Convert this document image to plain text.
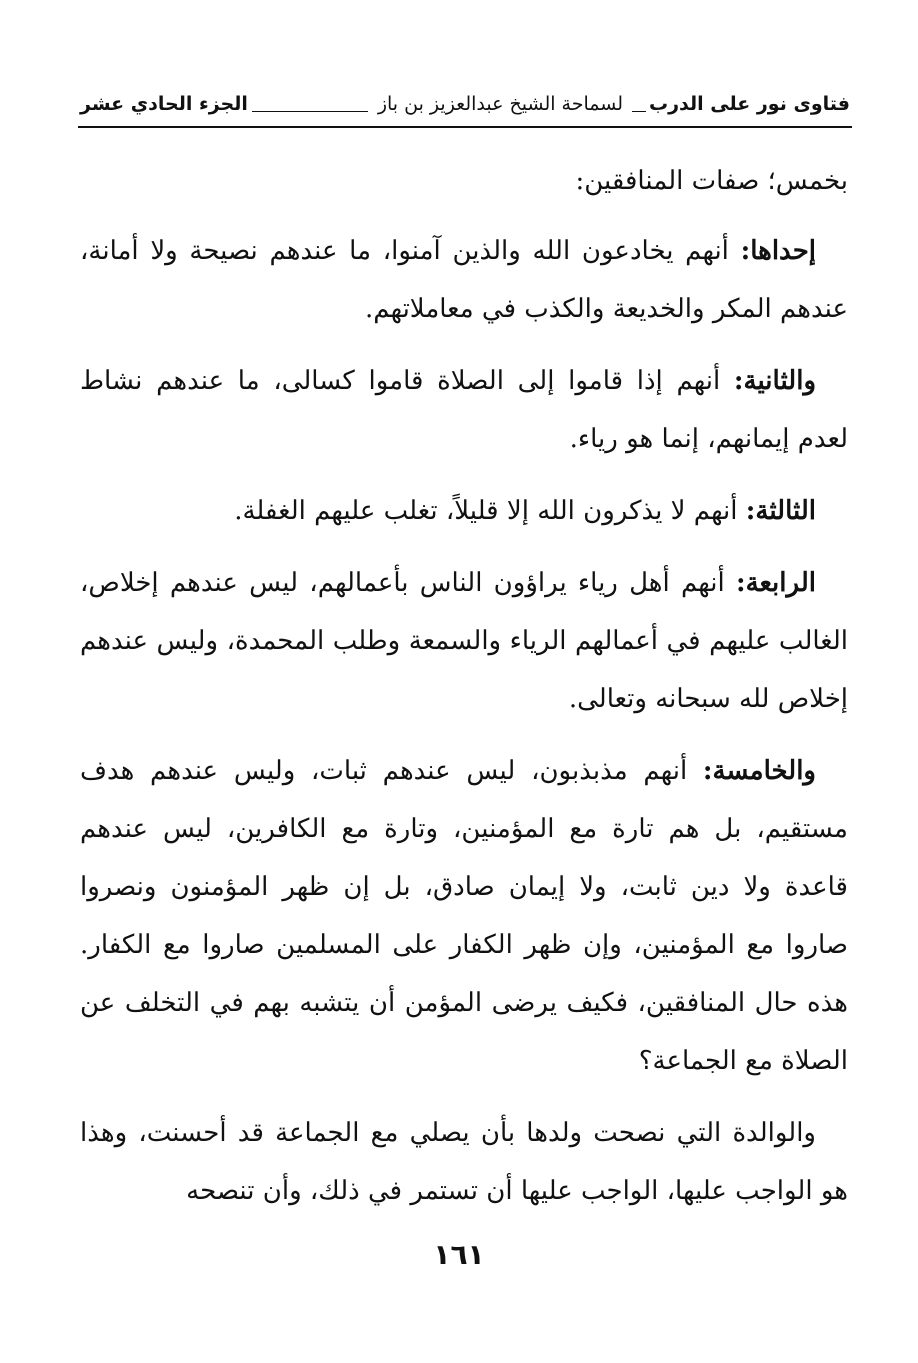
فتاوى نور على الدرب
لسماحة الشيخ عبدالعزيز بن باز
الجزء الحادي عشر

بخمس؛ صفات المنافقين:

إحداها: أنهم يخادعون الله والذين آمنوا، ما عندهم نصيحة ولا أمانة، عندهم المكر والخديعة والكذب في معاملاتهم.

والثانية: أنهم إذا قاموا إلى الصلاة قاموا كسالى، ما عندهم نشاط لعدم إيمانهم، إنما هو رياء.

الثالثة: أنهم لا يذكرون الله إلا قليلاً، تغلب عليهم الغفلة.

الرابعة: أنهم أهل رياء يراؤون الناس بأعمالهم، ليس عندهم إخلاص، الغالب عليهم في أعمالهم الرياء والسمعة وطلب المحمدة، وليس عندهم إخلاص لله سبحانه وتعالى.

والخامسة: أنهم مذبذبون، ليس عندهم ثبات، وليس عندهم هدف مستقيم، بل هم تارة مع المؤمنين، وتارة مع الكافرين، ليس عندهم قاعدة ولا دين ثابت، ولا إيمان صادق، بل إن ظهر المؤمنون ونصروا صاروا مع المؤمنين، وإن ظهر الكفار على المسلمين صاروا مع الكفار. هذه حال المنافقين، فكيف يرضى المؤمن أن يتشبه بهم في التخلف عن الصلاة مع الجماعة؟

والوالدة التي نصحت ولدها بأن يصلي مع الجماعة قد أحسنت، وهذا هو الواجب عليها، الواجب عليها أن تستمر في ذلك، وأن تنصحه

١٦١
